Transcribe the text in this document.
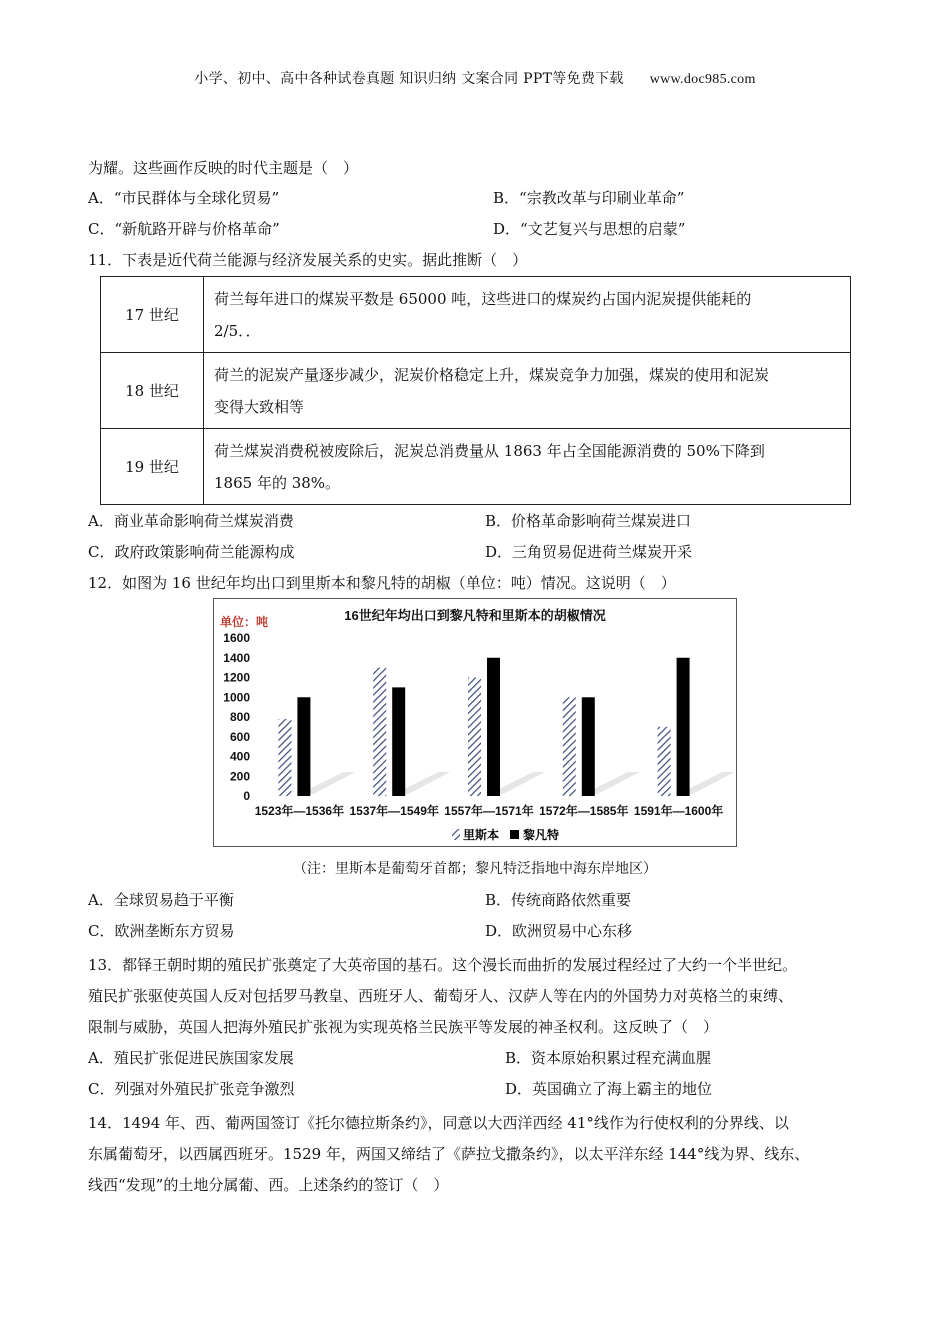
小学、初中、高中各种试卷真题 知识归纳 文案合同 PPT等免费下载 www.doc985.com
为耀。这些画作反映的时代主题是（　）
A．“市民群体与全球化贸易”	B．“宗教改革与印刷业革命”
C．“新航路开辟与价格革命”	D．“文艺复兴与思想的启蒙”
11．下表是近代荷兰能源与经济发展关系的史实。据此推断（　）
17 世纪	荷兰每年进口的煤炭平数是 65000 吨，这些进口的煤炭约占国内泥炭提供能耗的
2/5．．

18 世纪	荷兰的泥炭产量逐步减少，泥炭价格稳定上升，煤炭竞争力加强，煤炭的使用和泥炭
变得大致相等

19 世纪	荷兰煤炭消费税被废除后，泥炭总消费量从 1863 年占全国能源消费的 50%下降到
1865 年的 38%。
A．商业革命影响荷兰煤炭消费	B．价格革命影响荷兰煤炭进口
C．政府政策影响荷兰能源构成	D．三角贸易促进荷兰煤炭开采
12．如图为 16 世纪年均出口到里斯本和黎凡特的胡椒（单位：吨）情况。这说明（　）
16世纪年均出口到黎凡特和里斯本的胡椒情况
单位：吨
0
200
400
600
800
1000
1200
1400
1600
1523年—1536年 1537年—1549年 1557年—1571年 1572年—1585年 1591年—1600年
里斯本 黎凡特
（注：里斯本是葡萄牙首都；黎凡特泛指地中海东岸地区）
A．全球贸易趋于平衡	B．传统商路依然重要
C．欧洲垄断东方贸易	D．欧洲贸易中心东移
13．都铎王朝时期的殖民扩张奠定了大英帝国的基石。这个漫长而曲折的发展过程经过了大约一个半世纪。
殖民扩张驱使英国人反对包括罗马教皇、西班牙人、葡萄牙人、汉萨人等在内的外国势力对英格兰的束缚、
限制与威胁，英国人把海外殖民扩张视为实现英格兰民族平等发展的神圣权利。这反映了（　）
A．殖民扩张促进民族国家发展	B．资本原始积累过程充满血腥
C．列强对外殖民扩张竞争激烈	D．英国确立了海上霸主的地位
14．1494 年、西、葡两国签订《托尔德拉斯条约》，同意以大西洋西经 41°线作为行使权利的分界线、以
东属葡萄牙，以西属西班牙。1529 年，两国又缔结了《萨拉戈撒条约》，以太平洋东经 144°线为界、线东、
线西“发现”的土地分属葡、西。上述条约的签订（　）
